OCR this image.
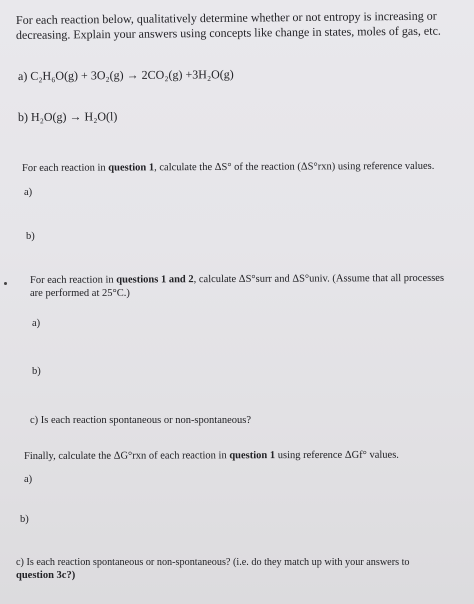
For each reaction below, qualitatively determine whether or not entropy is increasing or
decreasing. Explain your answers using concepts like change in states, moles of gas, etc.
a) C₂H₆O(g) + 3O₂(g) → 2CO₂(g) +3H₂O(g)
b) H₂O(g) → H₂O(l)
For each reaction in question 1, calculate the ΔS° of the reaction (ΔS°rxn) using reference values.
a)
b)
For each reaction in questions 1 and 2, calculate ΔS°surr and ΔS°univ. (Assume that all processes
are performed at 25°C.)
a)
b)
c) Is each reaction spontaneous or non-spontaneous?
Finally, calculate the ΔG°rxn of each reaction in question 1 using reference ΔGf° values.
a)
b)
c) Is each reaction spontaneous or non-spontaneous? (i.e. do they match up with your answers to
question 3c?)
